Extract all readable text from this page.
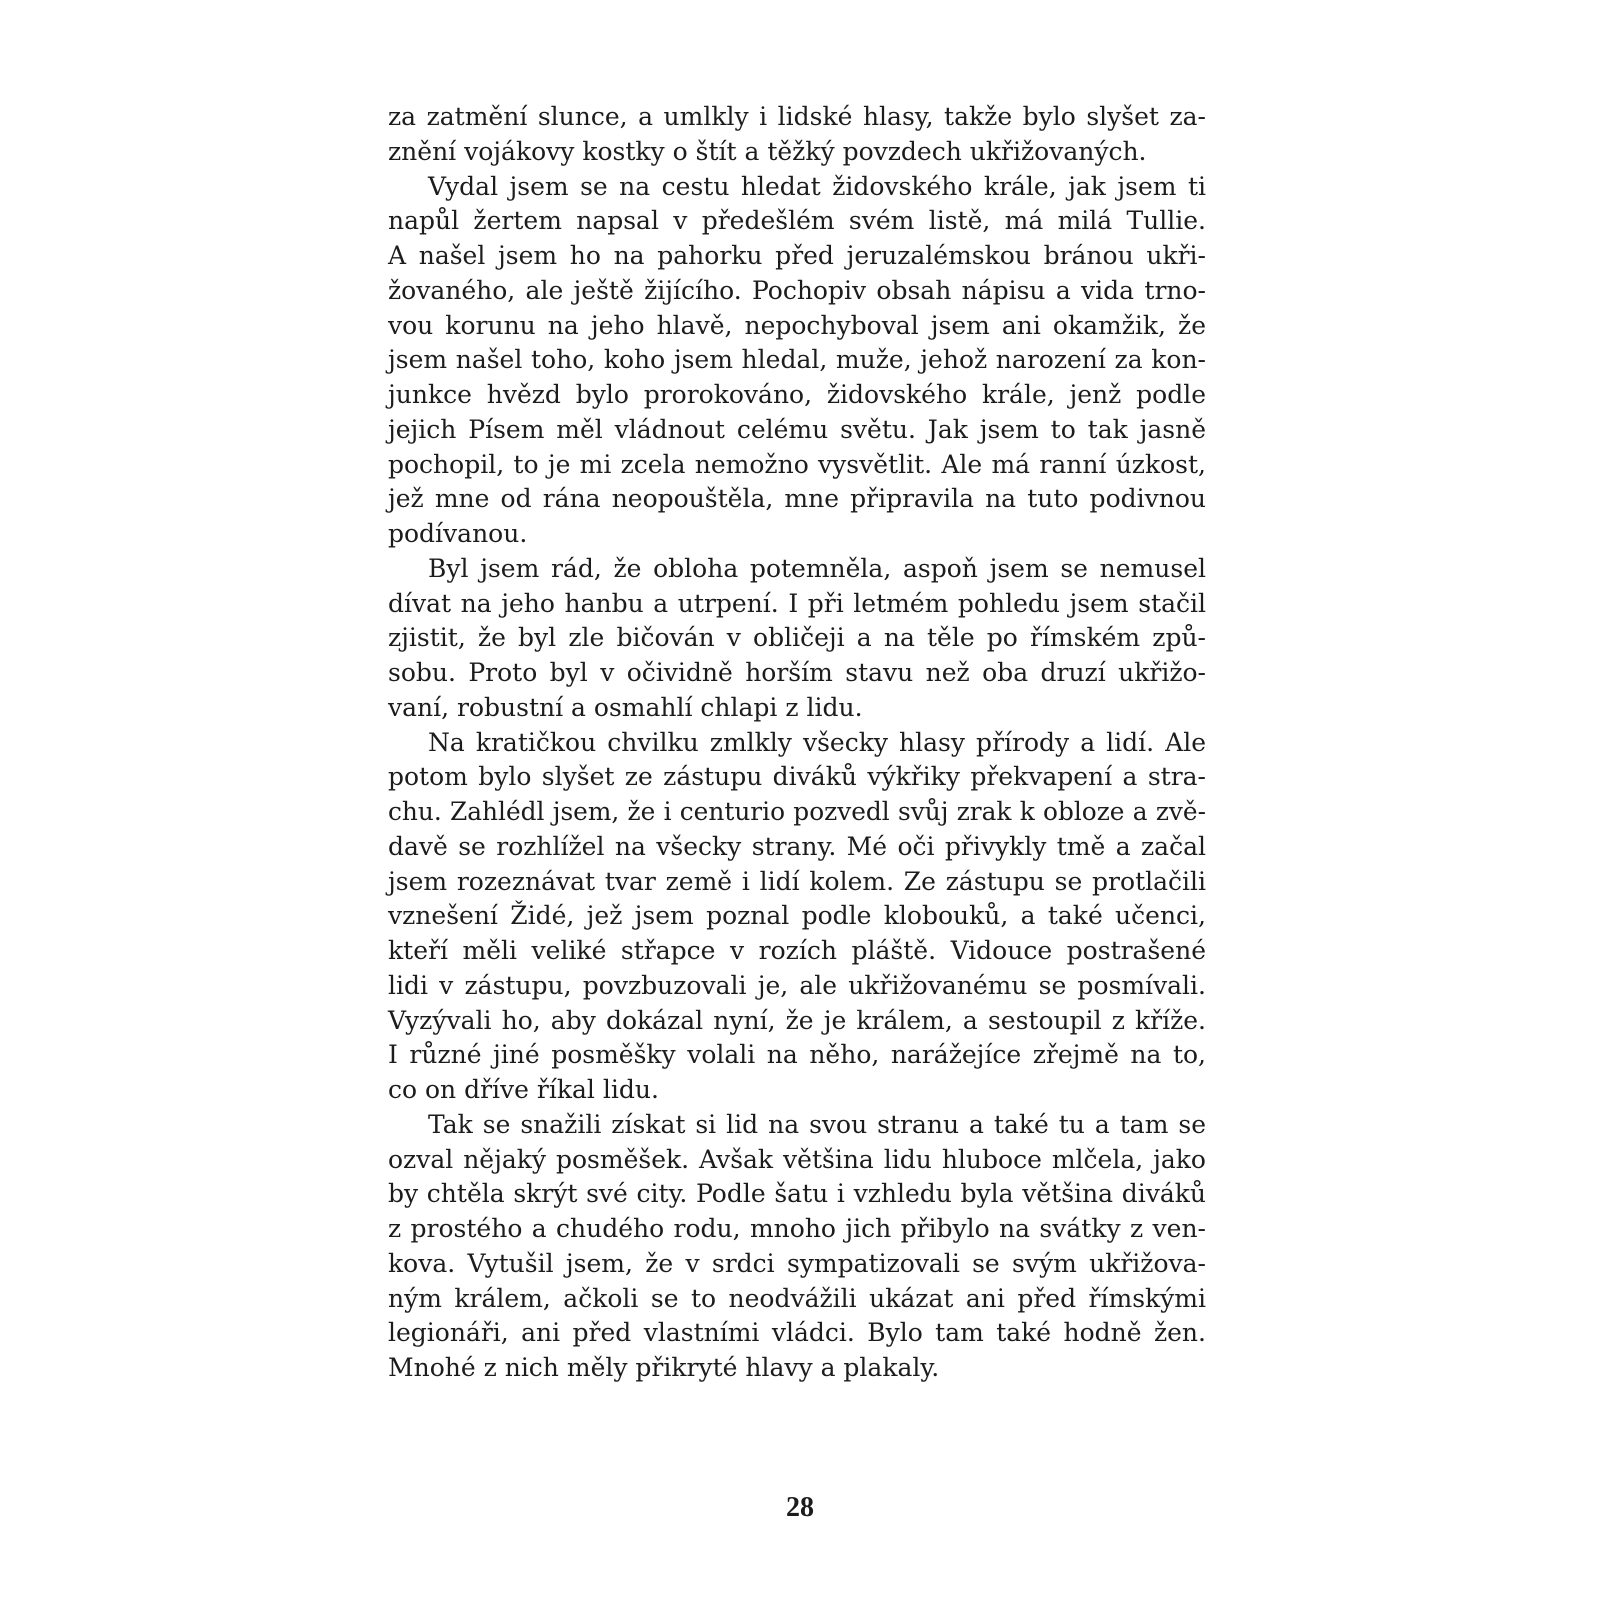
za zatmění slunce, a umlkly i lidské hlasy, takže bylo slyšet za-
znění vojákovy kostky o štít a těžký povzdech ukřižovaných.
Vydal jsem se na cestu hledat židovského krále, jak jsem ti
napůl žertem napsal v předešlém svém listě, má milá Tullie.
A našel jsem ho na pahorku před jeruzalémskou bránou ukři-
žovaného, ale ještě žijícího. Pochopiv obsah nápisu a vida trno-
vou korunu na jeho hlavě, nepochyboval jsem ani okamžik, že
jsem našel toho, koho jsem hledal, muže, jehož narození za kon-
junkce hvězd bylo prorokováno, židovského krále, jenž podle
jejich Písem měl vládnout celému světu. Jak jsem to tak jasně
pochopil, to je mi zcela nemožno vysvětlit. Ale má ranní úzkost,
jež mne od rána neopouštěla, mne připravila na tuto podivnou
podívanou.
Byl jsem rád, že obloha potemněla, aspoň jsem se nemusel
dívat na jeho hanbu a utrpení. I při letmém pohledu jsem stačil
zjistit, že byl zle bičován v obličeji a na těle po římském způ-
sobu. Proto byl v očividně horším stavu než oba druzí ukřižo-
vaní, robustní a osmahlí chlapi z lidu.
Na kratičkou chvilku zmlkly všecky hlasy přírody a lidí. Ale
potom bylo slyšet ze zástupu diváků výkřiky překvapení a stra-
chu. Zahlédl jsem, že i centurio pozvedl svůj zrak k obloze a zvě-
davě se rozhlížel na všecky strany. Mé oči přivykly tmě a začal
jsem rozeznávat tvar země i lidí kolem. Ze zástupu se protlačili
vznešení Židé, jež jsem poznal podle klobouků, a také učenci,
kteří měli veliké střapce v rozích pláště. Vidouce postrašené
lidi v zástupu, povzbuzovali je, ale ukřižovanému se posmívali.
Vyzývali ho, aby dokázal nyní, že je králem, a sestoupil z kříže.
I různé jiné posměšky volali na něho, narážejíce zřejmě na to,
co on dříve říkal lidu.
Tak se snažili získat si lid na svou stranu a také tu a tam se
ozval nějaký posměšek. Avšak většina lidu hluboce mlčela, jako
by chtěla skrýt své city. Podle šatu i vzhledu byla většina diváků
z prostého a chudého rodu, mnoho jich přibylo na svátky z ven-
kova. Vytušil jsem, že v srdci sympatizovali se svým ukřižova-
ným králem, ačkoli se to neodvážili ukázat ani před římskými
legionáři, ani před vlastními vládci. Bylo tam také hodně žen.
Mnohé z nich měly přikryté hlavy a plakaly.
28
